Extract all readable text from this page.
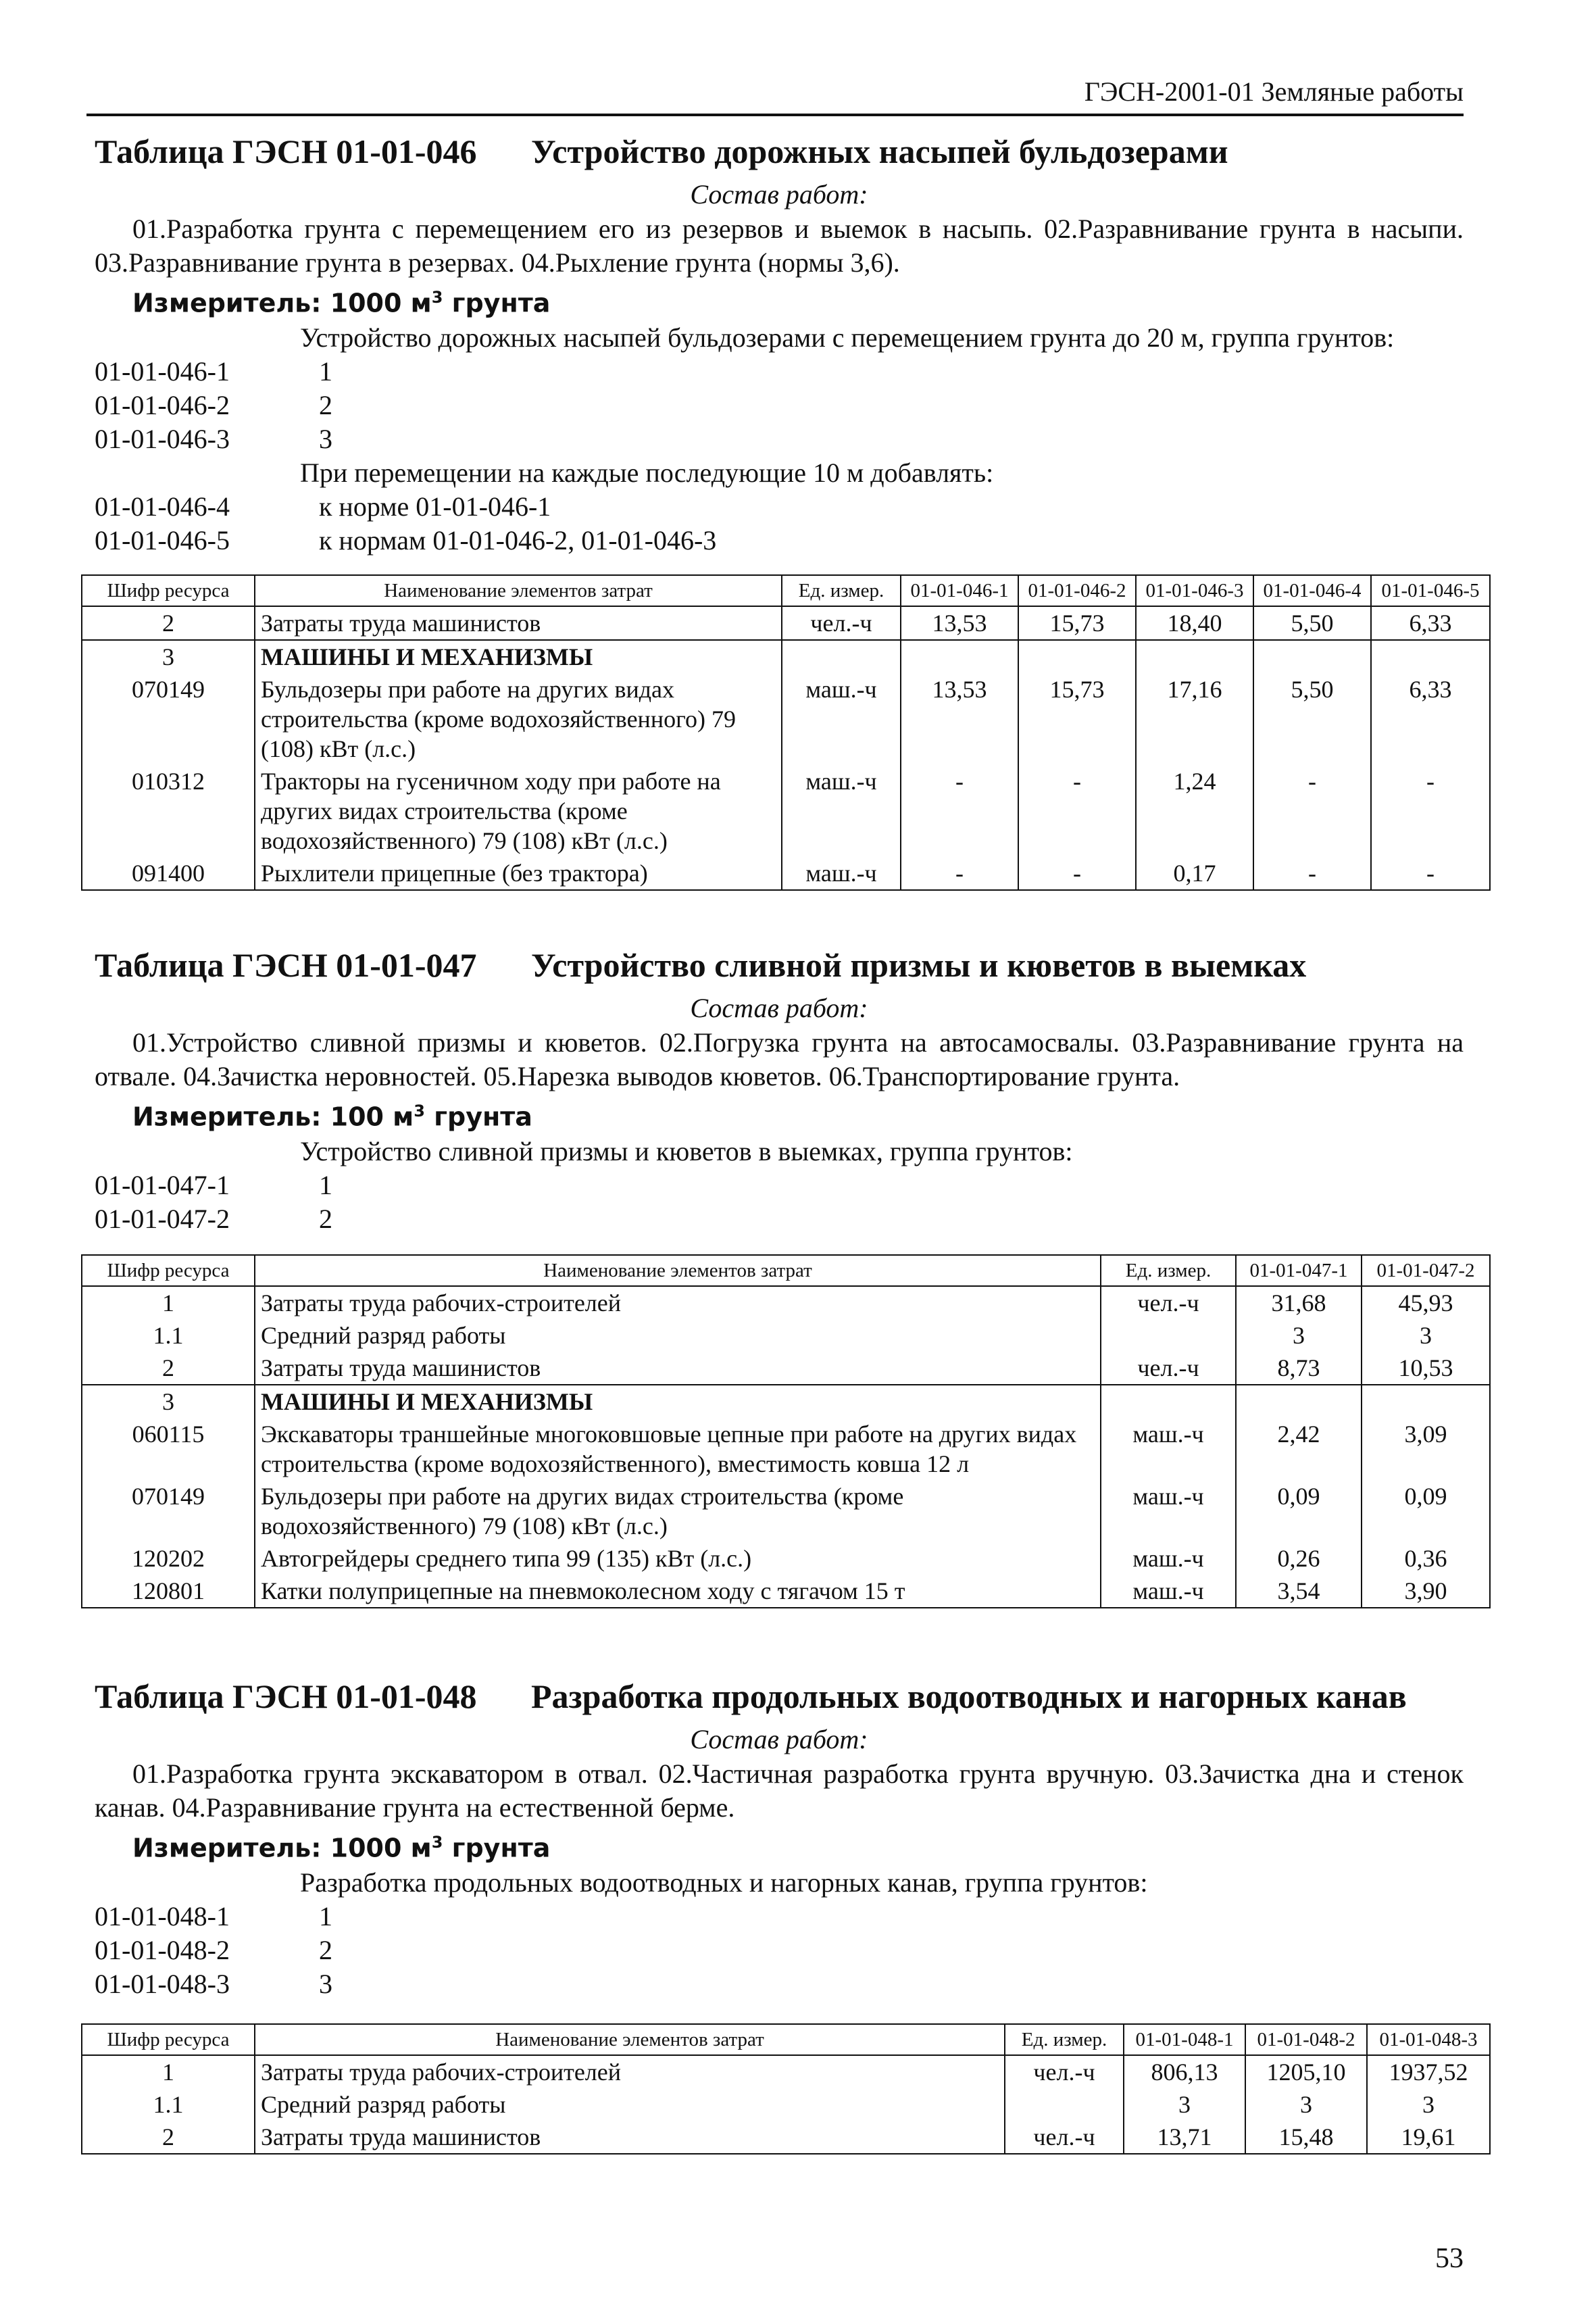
ГЭСН-2001-01 Земляные работы
Таблица ГЭСН 01-01-046 Устройство дорожных насыпей бульдозерами
Состав работ:
01.Разработка грунта с перемещением его из резервов и выемок в насыпь. 02.Разравнивание грунта в насыпи. 03.Разравнивание грунта в резервах. 04.Рыхление грунта (нормы 3,6).
Измеритель: 1000 $м^3$ грунта
Устройство дорожных насыпей бульдозерами с перемещением грунта до 20 м, группа грунтов:
01-01-046-1	1
01-01-046-2	2
01-01-046-3	3
При перемещении на каждые последующие 10 м добавлять:
01-01-046-4	к норме 01-01-046-1
01-01-046-5	к нормам 01-01-046-2, 01-01-046-3
Шифр ресурса	Наименование элементов затрат	Ед. измер.	01-01-046-1	01-01-046-2	01-01-046-3	01-01-046-4	01-01-046-5
2	Затраты труда машинистов	чел.-ч	13,53	15,73	18,40	5,50	6,33
3	МАШИНЫ И МЕХАНИЗМЫ						
070149	Бульдозеры при работе на других видах строительства (кроме водохозяйственного) 79 (108) кВт (л.с.)	маш.-ч	13,53	15,73	17,16	5,50	6,33
010312	Тракторы на гусеничном ходу при работе на других видах строительства (кроме водохозяйственного) 79 (108) кВт (л.с.)	маш.-ч	-	-	1,24	-	-
091400	Рыхлители прицепные (без трактора)	маш.-ч	-	-	0,17	-	-
Таблица ГЭСН 01-01-047 Устройство сливной призмы и кюветов в выемках
Состав работ:
01.Устройство сливной призмы и кюветов. 02.Погрузка грунта на автосамосвалы. 03.Разравнивание грунта на отвале. 04.Зачистка неровностей. 05.Нарезка выводов кюветов. 06.Транспортирование грунта.
Измеритель: 100 $м^3$ грунта
Устройство сливной призмы и кюветов в выемках, группа грунтов:
01-01-047-1	1
01-01-047-2	2
Шифр ресурса	Наименование элементов затрат	Ед. измер.	01-01-047-1	01-01-047-2
1	Затраты труда рабочих-строителей	чел.-ч	31,68	45,93
1.1	Средний разряд работы		3	3
2	Затраты труда машинистов	чел.-ч	8,73	10,53
3	МАШИНЫ И МЕХАНИЗМЫ			
060115	Экскаваторы траншейные многоковшовые цепные при работе на других видах строительства (кроме водохозяйственного), вместимость ковша 12 л	маш.-ч	2,42	3,09
070149	Бульдозеры при работе на других видах строительства (кроме водохозяйственного) 79 (108) кВт (л.с.)	маш.-ч	0,09	0,09
120202	Автогрейдеры среднего типа 99 (135) кВт (л.с.)	маш.-ч	0,26	0,36
120801	Катки полуприцепные на пневмоколесном ходу с тягачом 15 т	маш.-ч	3,54	3,90
Таблица ГЭСН 01-01-048 Разработка продольных водоотводных и нагорных канав
Состав работ:
01.Разработка грунта экскаватором в отвал. 02.Частичная разработка грунта вручную. 03.Зачистка дна и стенок канав. 04.Разравнивание грунта на естественной берме.
Измеритель: 1000 $м^3$ грунта
Разработка продольных водоотводных и нагорных канав, группа грунтов:
01-01-048-1	1
01-01-048-2	2
01-01-048-3	3
Шифр ресурса	Наименование элементов затрат	Ед. измер.	01-01-048-1	01-01-048-2	01-01-048-3
1	Затраты труда рабочих-строителей	чел.-ч	806,13	1205,10	1937,52
1.1	Средний разряд работы		3	3	3
2	Затраты труда машинистов	чел.-ч	13,71	15,48	19,61
53
